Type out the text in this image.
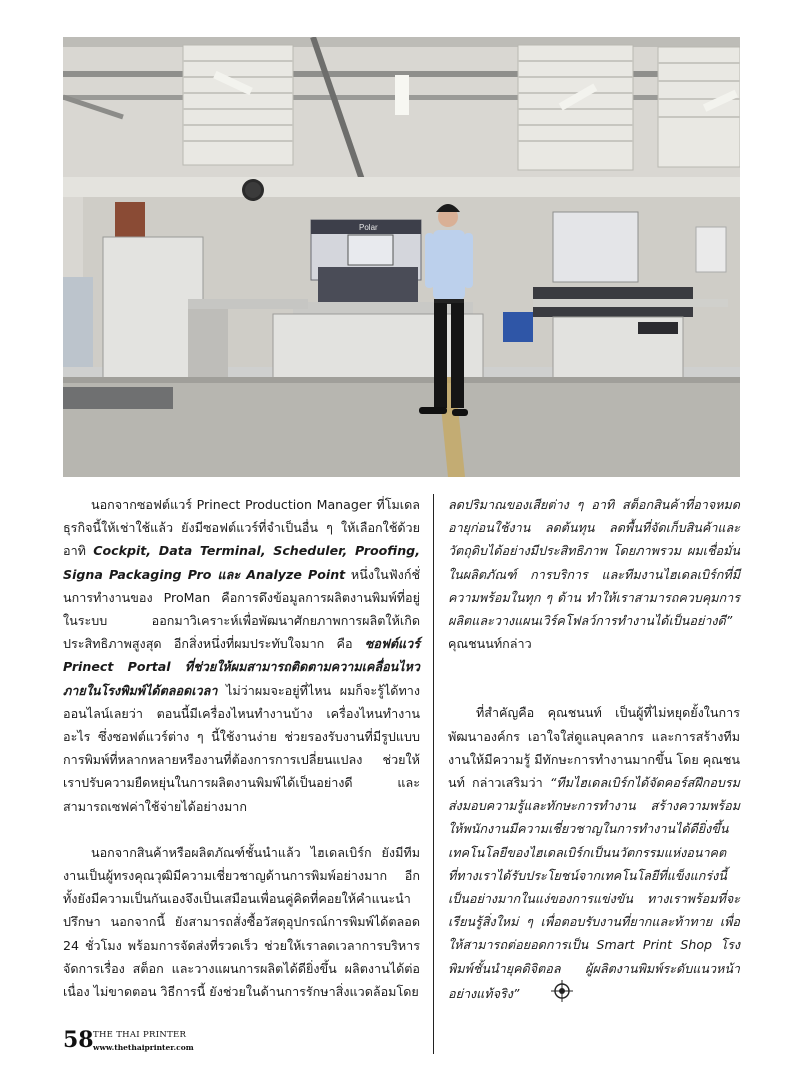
Polar

นอกจากซอฟต์แวร์ Prinect Production Manager ที่โมเดลธุรกิจนี้ให้เช่าใช้แล้ว ยังมีซอฟต์แวร์ที่จำเป็นอื่น ๆ ให้เลือกใช้ด้วย อาทิ Cockpit, Data Terminal, Scheduler, Proofing, Signa Packaging Pro และ Analyze Point หนึ่งในฟังก์ชั่นการทำงานของ ProMan คือการดึงข้อมูลการผลิตงานพิมพ์ที่อยู่ในระบบ ออกมาวิเคราะห์เพื่อพัฒนาศักยภาพการผลิตให้เกิดประสิทธิภาพสูงสุด อีกสิ่งหนึ่งที่ผมประทับใจมาก คือ ซอฟต์แวร์ Prinect Portal ที่ช่วยให้ผมสามารถติดตามความเคลื่อนไหวภายในโรงพิมพ์ได้ตลอดเวลา ไม่ว่าผมจะอยู่ที่ไหน ผมก็จะรู้ได้ทางออนไลน์เลยว่า ตอนนี้มีเครื่องไหนทำงานบ้าง เครื่องไหนทำงานอะไร ซึ่งซอฟต์แวร์ต่าง ๆ นี้ใช้งานง่าย ช่วยรองรับงานที่มีรูปแบบการพิมพ์ที่หลากหลายหรืองานที่ต้องการการเปลี่ยนแปลง ช่วยให้เราปรับความยืดหยุ่นในการผลิตงานพิมพ์ได้เป็นอย่างดี และสามารถเซฟค่าใช้จ่ายได้อย่างมาก

นอกจากสินค้าหรือผลิตภัณฑ์ชั้นนำแล้ว ไฮเดลเบิร์ก ยังมีทีมงานเป็นผู้ทรงคุณวุฒิมีความเชี่ยวชาญด้านการพิมพ์อย่างมาก อีกทั้งยังมีความเป็นกันเองจึงเป็นเสมือนเพื่อนคู่คิดที่คอยให้คำแนะนำปรึกษา นอกจากนี้ ยังสามารถสั่งซื้อวัสดุอุปกรณ์การพิมพ์ได้ตลอด 24 ชั่วโมง พร้อมการจัดส่งที่รวดเร็ว ช่วยให้เราลดเวลาการบริหารจัดการเรื่อง สต็อก และวางแผนการผลิตได้ดียิ่งขึ้น ผลิตงานได้ต่อเนื่อง ไม่ขาดตอน วิธีการนี้ ยังช่วยในด้านการรักษาสิ่งแวดล้อมโดย

ลดปริมาณของเสียต่าง ๆ อาทิ สต็อกสินค้าที่อาจหมดอายุก่อนใช้งาน ลดต้นทุน ลดพื้นที่จัดเก็บสินค้าและวัตถุดิบได้อย่างมีประสิทธิภาพ โดยภาพรวม ผมเชื่อมั่นในผลิตภัณฑ์ การบริการ และทีมงานไฮเดลเบิร์กที่มีความพร้อมในทุก ๆ ด้าน ทำให้เราสามารถควบคุมการผลิตและวางแผนเวิร์คโฟลว์การทำงานได้เป็นอย่างดี”

คุณชนนท์กล่าว

ที่สำคัญคือ คุณชนนท์ เป็นผู้ที่ไม่หยุดยั้งในการพัฒนาองค์กร เอาใจใส่ดูแลบุคลากร และการสร้างทีมงานให้มีความรู้ มีทักษะการทำงานมากขึ้น โดย คุณชนนท์ กล่าวเสริมว่า “ทีมไฮเดลเบิร์กได้จัดคอร์สฝึกอบรมส่งมอบความรู้และทักษะการทำงาน สร้างความพร้อมให้พนักงานมีความเชี่ยวชาญในการทำงานได้ดียิ่งขึ้น เทคโนโลยีของไฮเดลเบิร์กเป็นนวัตกรรมแห่งอนาคต ที่ทางเราได้รับประโยชน์จากเทคโนโลยีที่แข็งแกร่งนี้ เป็นอย่างมากในแง่ของการแข่งขัน ทางเราพร้อมที่จะเรียนรู้สิ่งใหม่ ๆ เพื่อตอบรับงานที่ยากและท้าทาย เพื่อให้สามารถต่อยอดการเป็น Smart Print Shop โรงพิมพ์ชั้นนำยุคดิจิตอล ผู้ผลิตงานพิมพ์ระดับแนวหน้าอย่างแท้จริง”

58 THE THAI PRINTER
www.thethaiprinter.com
